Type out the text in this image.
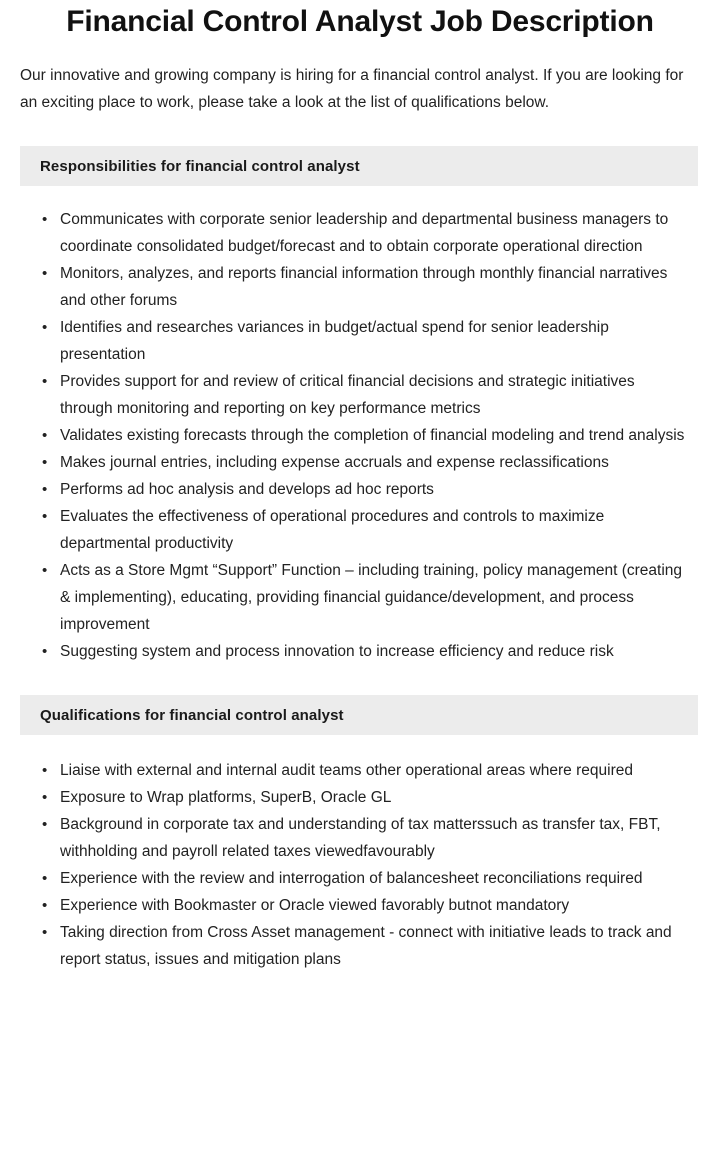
Financial Control Analyst Job Description

Our innovative and growing company is hiring for a financial control analyst. If you are looking for an exciting place to work, please take a look at the list of qualifications below.

Responsibilities for financial control analyst
• Communicates with corporate senior leadership and departmental business managers to coordinate consolidated budget/forecast and to obtain corporate operational direction
• Monitors, analyzes, and reports financial information through monthly financial narratives and other forums
• Identifies and researches variances in budget/actual spend for senior leadership presentation
• Provides support for and review of critical financial decisions and strategic initiatives through monitoring and reporting on key performance metrics
• Validates existing forecasts through the completion of financial modeling and trend analysis
• Makes journal entries, including expense accruals and expense reclassifications
• Performs ad hoc analysis and develops ad hoc reports
• Evaluates the effectiveness of operational procedures and controls to maximize departmental productivity
• Acts as a Store Mgmt “Support” Function – including training, policy management (creating & implementing), educating, providing financial guidance/development, and process improvement
• Suggesting system and process innovation to increase efficiency and reduce risk
Qualifications for financial control analyst
• Liaise with external and internal audit teams other operational areas where required
• Exposure to Wrap platforms, SuperB, Oracle GL
• Background in corporate tax and understanding of tax matterssuch as transfer tax, FBT, withholding and payroll related taxes viewedfavourably
• Experience with the review and interrogation of balancesheet reconciliations required
• Experience with Bookmaster or Oracle viewed favorably butnot mandatory
• Taking direction from Cross Asset management - connect with initiative leads to track and report status, issues and mitigation plans
